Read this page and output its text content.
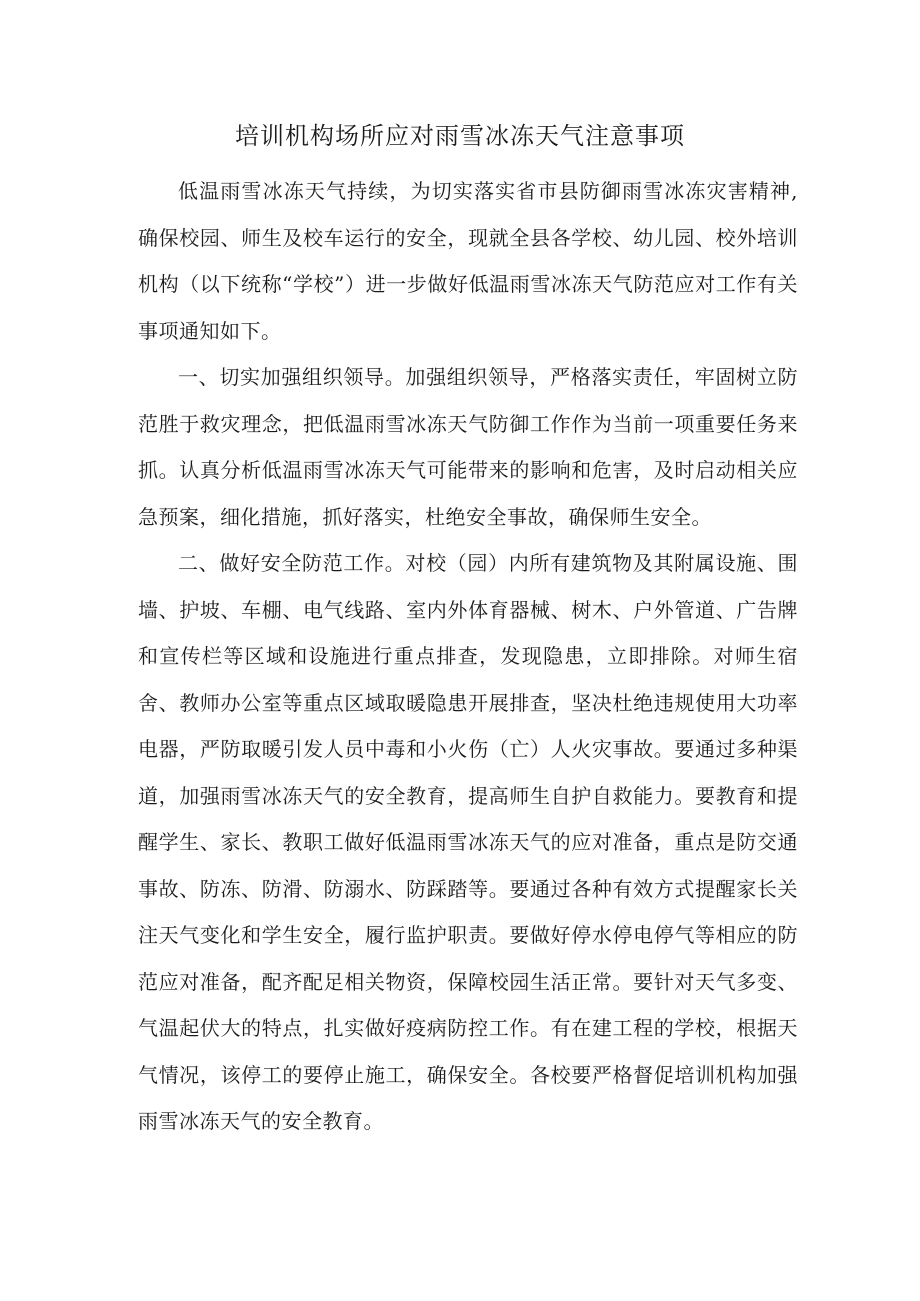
培训机构场所应对雨雪冰冻天气注意事项

低温雨雪冰冻天气持续，为切实落实省市县防御雨雪冰冻灾害精神,确保校园、师生及校车运行的安全，现就全县各学校、幼儿园、校外培训机构（以下统称“学校”）进一步做好低温雨雪冰冻天气防范应对工作有关事项通知如下。

一、切实加强组织领导。加强组织领导，严格落实责任，牢固树立防范胜于救灾理念，把低温雨雪冰冻天气防御工作作为当前一项重要任务来抓。认真分析低温雨雪冰冻天气可能带来的影响和危害，及时启动相关应急预案，细化措施，抓好落实，杜绝安全事故，确保师生安全。

二、做好安全防范工作。对校（园）内所有建筑物及其附属设施、围墙、护坡、车棚、电气线路、室内外体育器械、树木、户外管道、广告牌和宣传栏等区域和设施进行重点排查，发现隐患，立即排除。对师生宿舍、教师办公室等重点区域取暖隐患开展排查，坚决杜绝违规使用大功率电器，严防取暖引发人员中毒和小火伤（亡）人火灾事故。要通过多种渠道，加强雨雪冰冻天气的安全教育，提高师生自护自救能力。要教育和提醒学生、家长、教职工做好低温雨雪冰冻天气的应对准备，重点是防交通事故、防冻、防滑、防溺水、防踩踏等。要通过各种有效方式提醒家长关注天气变化和学生安全，履行监护职责。要做好停水停电停气等相应的防范应对准备，配齐配足相关物资，保障校园生活正常。要针对天气多变、气温起伏大的特点，扎实做好疫病防控工作。有在建工程的学校，根据天气情况，该停工的要停止施工，确保安全。各校要严格督促培训机构加强雨雪冰冻天气的安全教育。
